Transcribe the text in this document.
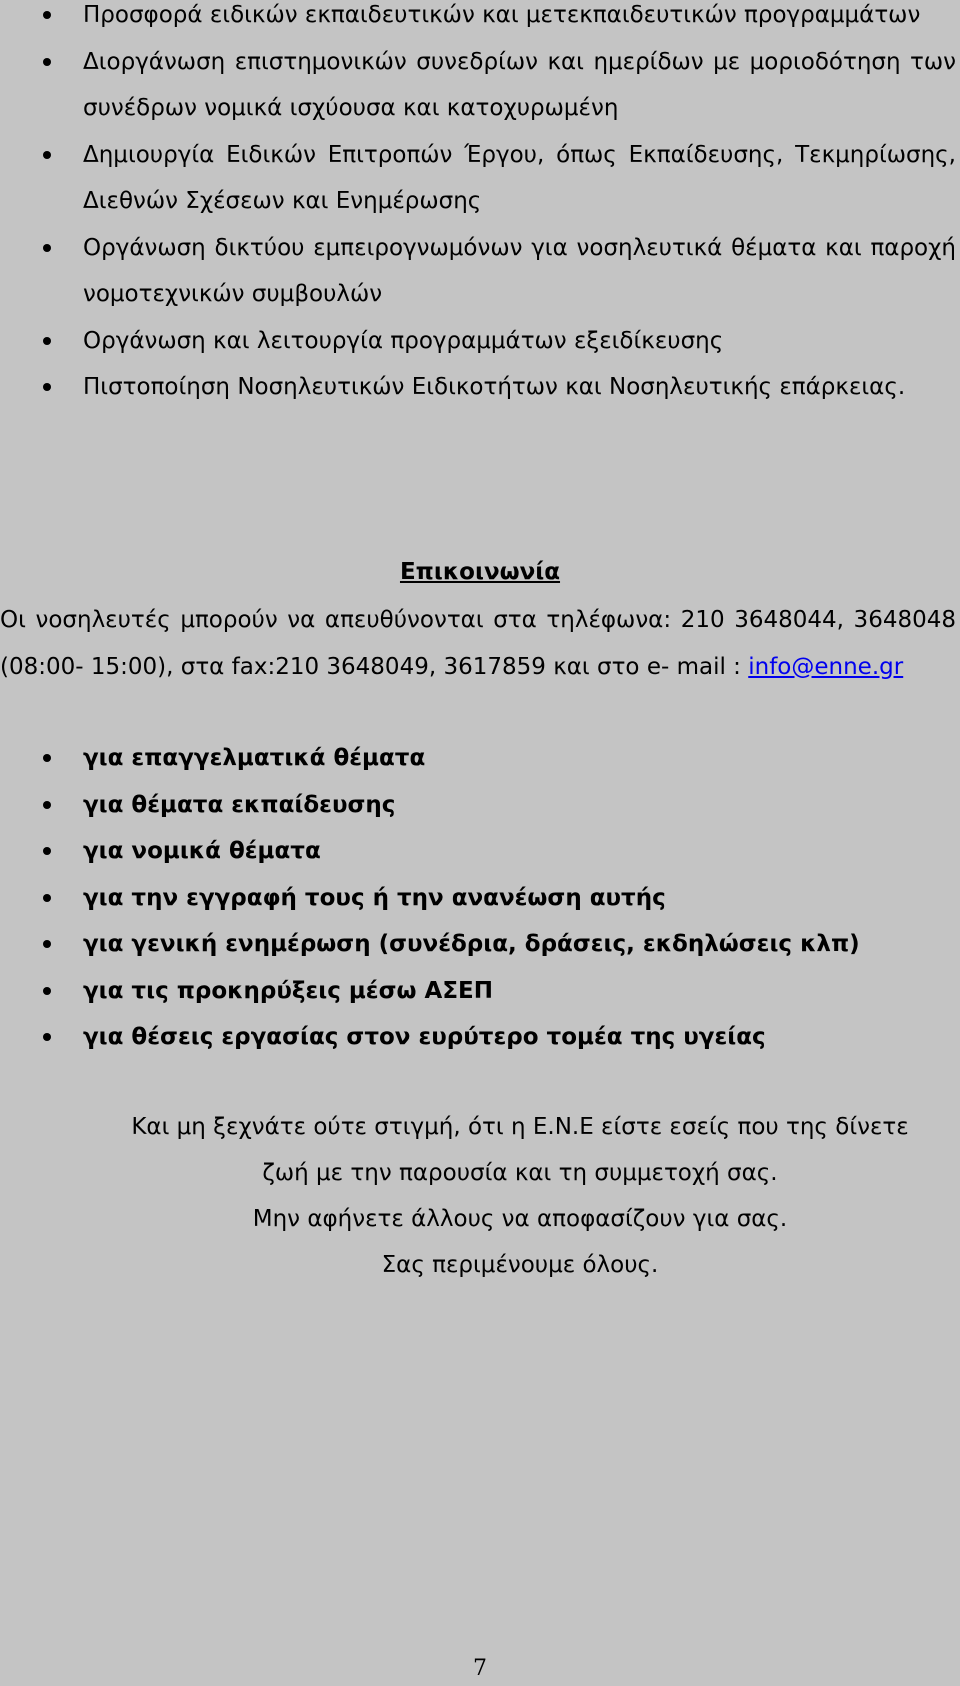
Προσφορά ειδικών εκπαιδευτικών και μετεκπαιδευτικών προγραμμάτων
Διοργάνωση επιστημονικών συνεδρίων και ημερίδων με μοριοδότηση των συνέδρων νομικά ισχύουσα και κατοχυρωμένη
Δημιουργία Ειδικών Επιτροπών Έργου, όπως Εκπαίδευσης, Τεκμηρίωσης, Διεθνών Σχέσεων και Ενημέρωσης
Οργάνωση δικτύου εμπειρογνωμόνων για νοσηλευτικά θέματα και παροχή νομοτεχνικών συμβουλών
Οργάνωση και λειτουργία προγραμμάτων εξειδίκευσης
Πιστοποίηση Νοσηλευτικών Ειδικοτήτων και Νοσηλευτικής επάρκειας.
Επικοινωνία

Οι νοσηλευτές μπορούν να απευθύνονται στα τηλέφωνα: 210 3648044, 3648048 (08:00- 15:00), στα fax:210 3648049, 3617859 και στο e- mail : info@enne.gr

για επαγγελματικά θέματα
για θέματα εκπαίδευσης
για νομικά θέματα
για την εγγραφή τους ή την ανανέωση αυτής
για γενική ενημέρωση (συνέδρια, δράσεις, εκδηλώσεις κλπ)
για τις προκηρύξεις μέσω ΑΣΕΠ
για θέσεις εργασίας στον ευρύτερο τομέα της υγείας
Και μη ξεχνάτε ούτε στιγμή, ότι η Ε.Ν.Ε είστε εσείς που της δίνετε
ζωή με την παρουσία και τη συμμετοχή σας.
Μην αφήνετε άλλους να αποφασίζουν για σας.
Σας περιμένουμε όλους.
7
